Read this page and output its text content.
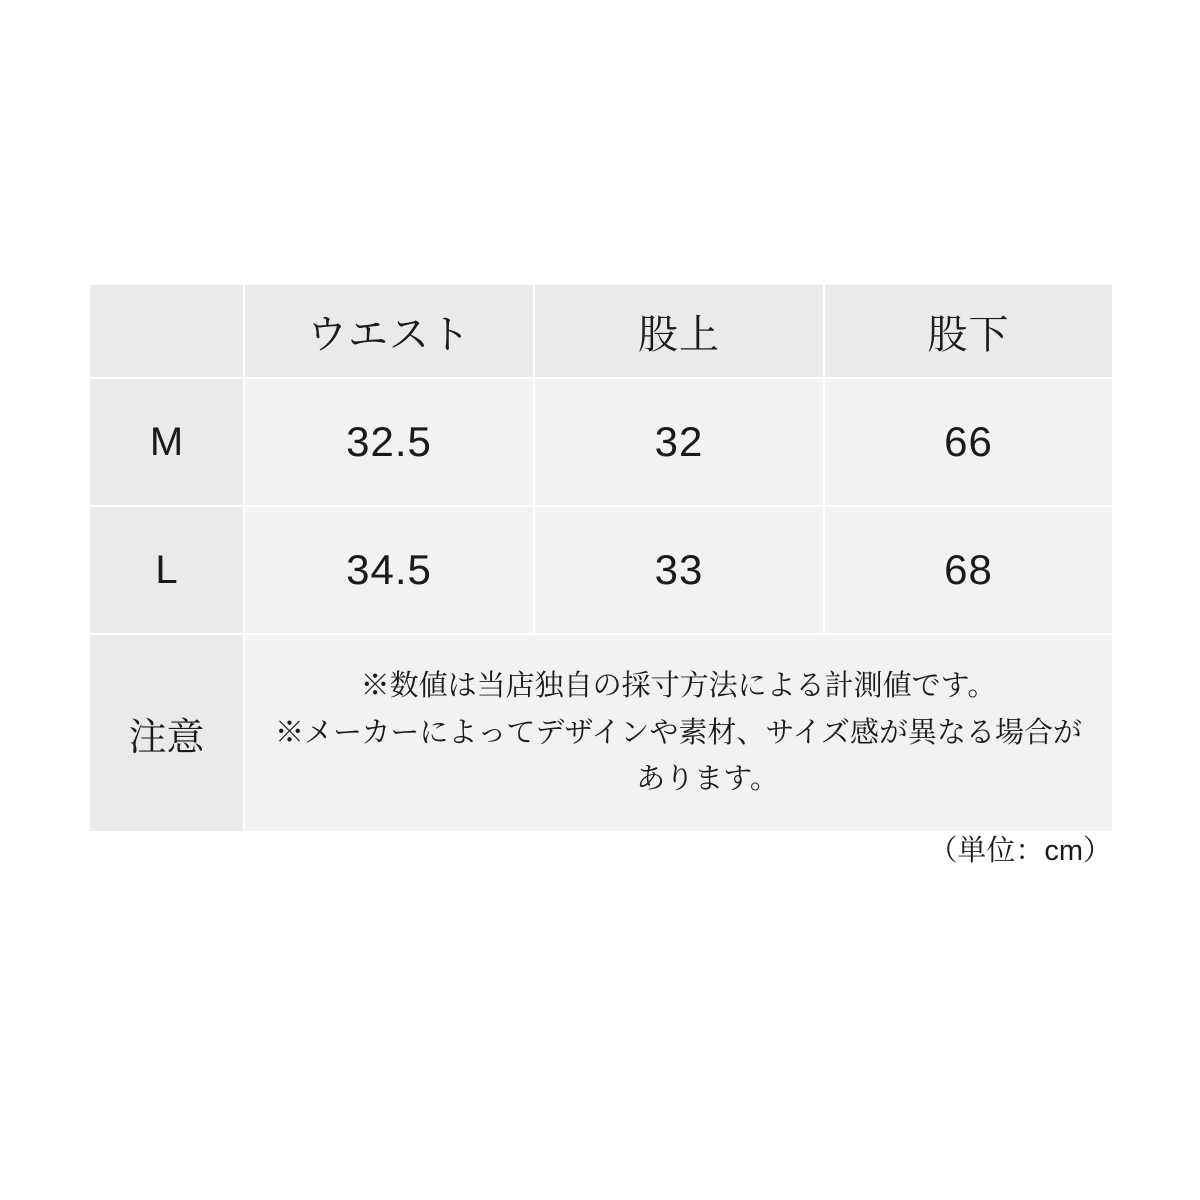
	ウエスト	股上	股下
M	32.5	32	66
L	34.5	33	68
注意	※数値は当店独自の採寸方法による計測値です。
※メーカーによってデザインや素材、サイズ感が異なる場合が
　　あります。		
（単位：cm）
